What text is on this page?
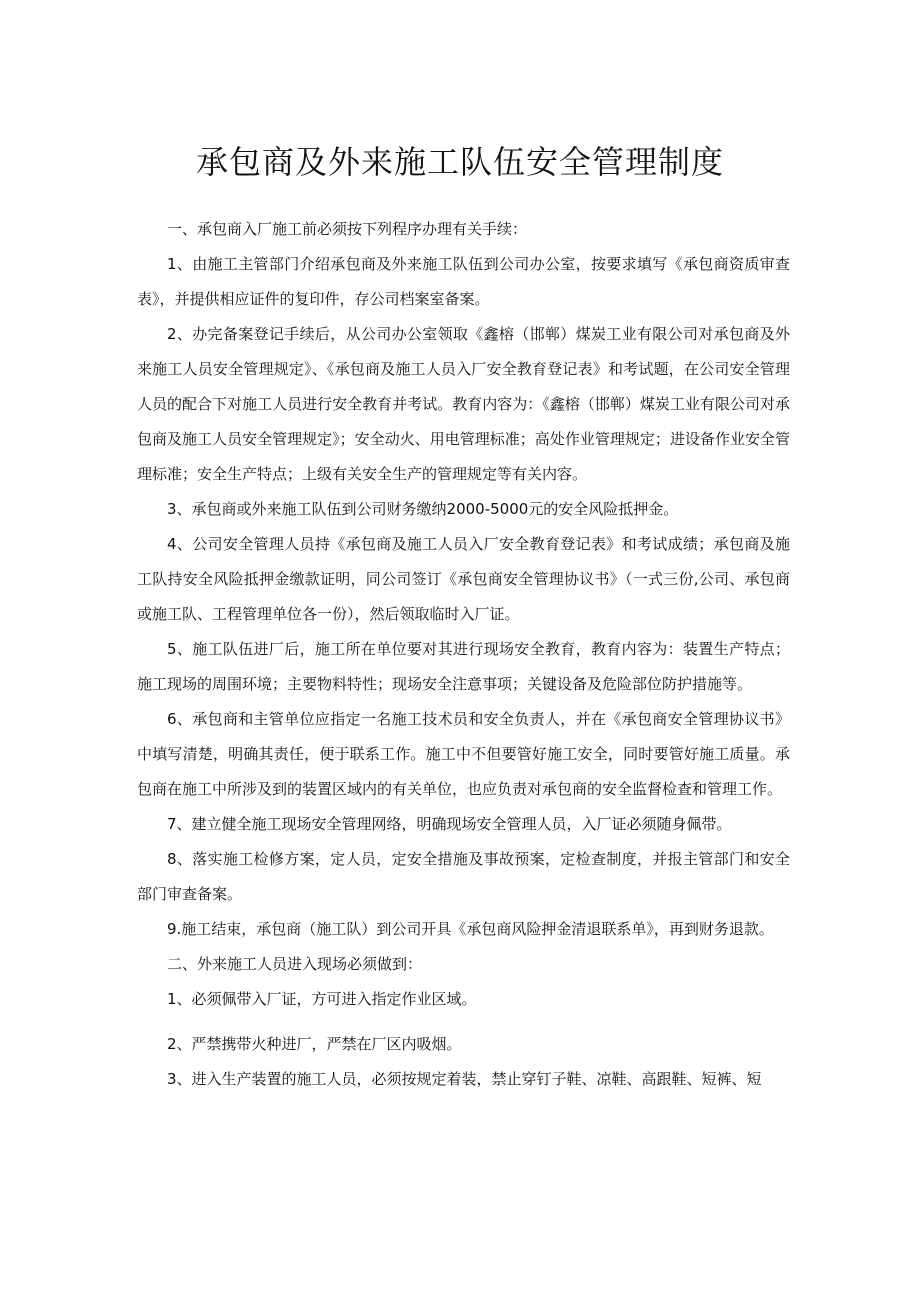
承包商及外来施工队伍安全管理制度

一、承包商入厂施工前必须按下列程序办理有关手续：

1、由施工主管部门介绍承包商及外来施工队伍到公司办公室，按要求填写《承包商资质审查表》，并提供相应证件的复印件，存公司档案室备案。

2、办完备案登记手续后，从公司办公室领取《鑫榕（邯郸）煤炭工业有限公司对承包商及外来施工人员安全管理规定》、《承包商及施工人员入厂安全教育登记表》和考试题，在公司安全管理人员的配合下对施工人员进行安全教育并考试。教育内容为：《鑫榕（邯郸）煤炭工业有限公司对承包商及施工人员安全管理规定》；安全动火、用电管理标准；高处作业管理规定；进设备作业安全管理标准；安全生产特点；上级有关安全生产的管理规定等有关内容。

3、承包商或外来施工队伍到公司财务缴纳2000-5000元的安全风险抵押金。

4、公司安全管理人员持《承包商及施工人员入厂安全教育登记表》和考试成绩；承包商及施工队持安全风险抵押金缴款证明，同公司签订《承包商安全管理协议书》（一式三份,公司、承包商或施工队、工程管理单位各一份），然后领取临时入厂证。

5、施工队伍进厂后，施工所在单位要对其进行现场安全教育，教育内容为：装置生产特点；施工现场的周围环境；主要物料特性；现场安全注意事项；关键设备及危险部位防护措施等。

6、承包商和主管单位应指定一名施工技术员和安全负责人，并在《承包商安全管理协议书》中填写清楚，明确其责任，便于联系工作。施工中不但要管好施工安全，同时要管好施工质量。承包商在施工中所涉及到的装置区域内的有关单位，也应负责对承包商的安全监督检查和管理工作。

7、建立健全施工现场安全管理网络，明确现场安全管理人员，入厂证必须随身佩带。

8、落实施工检修方案，定人员，定安全措施及事故预案，定检查制度，并报主管部门和安全部门审查备案。

9.施工结束，承包商（施工队）到公司开具《承包商风险押金清退联系单》，再到财务退款。

二、外来施工人员进入现场必须做到：

1、必须佩带入厂证，方可进入指定作业区域。

2、严禁携带火种进厂，严禁在厂区内吸烟。

3、进入生产装置的施工人员，必须按规定着装，禁止穿钉子鞋、凉鞋、高跟鞋、短裤、短
